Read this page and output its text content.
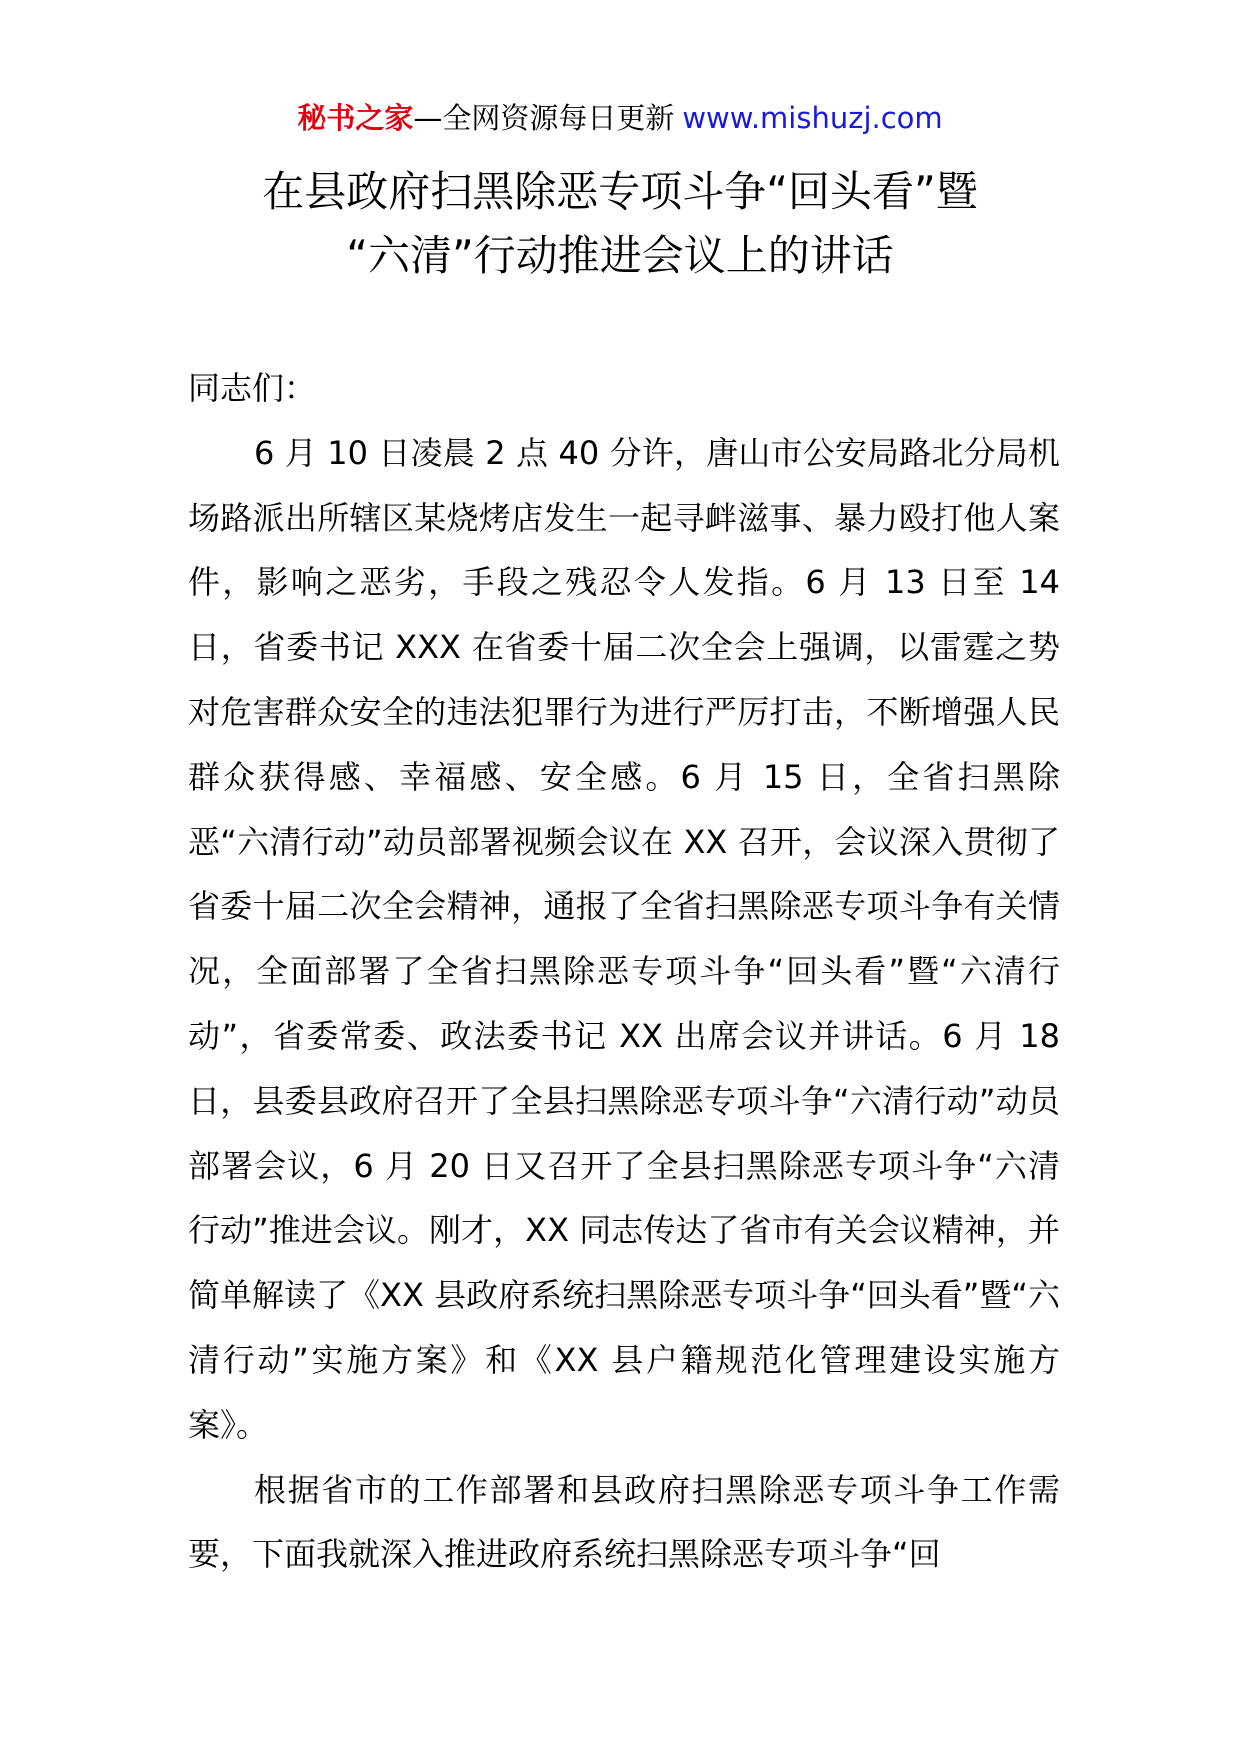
秘书之家—全网资源每日更新 www.mishuzj.com
在县政府扫黑除恶专项斗争“回头看”暨
“六清”行动推进会议上的讲话

同志们：

6 月 10 日凌晨 2 点 40 分许，唐山市公安局路北分局机场路派出所辖区某烧烤店发生一起寻衅滋事、暴力殴打他人案件，影响之恶劣，手段之残忍令人发指。6 月 13 日至 14 日，省委书记 XXX 在省委十届二次全会上强调，以雷霆之势对危害群众安全的违法犯罪行为进行严厉打击，不断增强人民群众获得感、幸福感、安全感。6 月 15 日，全省扫黑除恶“六清行动”动员部署视频会议在 XX 召开，会议深入贯彻了省委十届二次全会精神，通报了全省扫黑除恶专项斗争有关情况，全面部署了全省扫黑除恶专项斗争“回头看”暨“六清行动”，省委常委、政法委书记 XX 出席会议并讲话。6 月 18 日，县委县政府召开了全县扫黑除恶专项斗争“六清行动”动员部署会议，6 月 20 日又召开了全县扫黑除恶专项斗争“六清行动”推进会议。刚才，XX 同志传达了省市有关会议精神，并简单解读了《XX 县政府系统扫黑除恶专项斗争“回头看”暨“六清行动”实施方案》和《XX 县户籍规范化管理建设实施方案》。

根据省市的工作部署和县政府扫黑除恶专项斗争工作需要，下面我就深入推进政府系统扫黑除恶专项斗争“回
